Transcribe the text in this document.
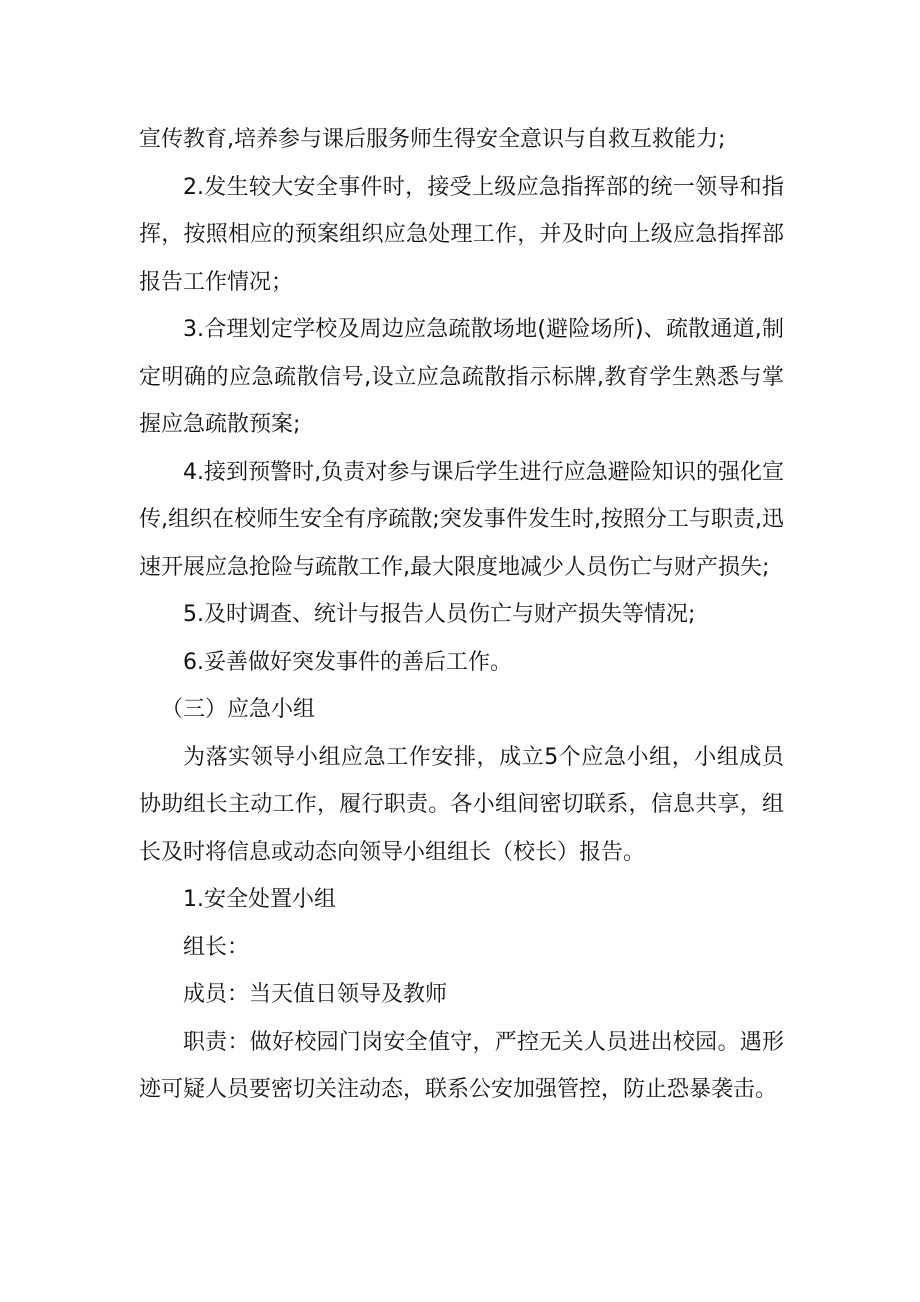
宣传教育,培养参与课后服务师生得安全意识与自救互救能力;

2.发生较大安全事件时，接受上级应急指挥部的统一领导和指挥，按照相应的预案组织应急处理工作，并及时向上级应急指挥部报告工作情况；

3.合理划定学校及周边应急疏散场地(避险场所)、疏散通道,制定明确的应急疏散信号,设立应急疏散指示标牌,教育学生熟悉与掌握应急疏散预案;

4.接到预警时,负责对参与课后学生进行应急避险知识的强化宣传,组织在校师生安全有序疏散;突发事件发生时,按照分工与职责,迅速开展应急抢险与疏散工作,最大限度地减少人员伤亡与财产损失;

5.及时调查、统计与报告人员伤亡与财产损失等情况;

6.妥善做好突发事件的善后工作。

（三）应急小组

为落实领导小组应急工作安排，成立5个应急小组，小组成员协助组长主动工作，履行职责。各小组间密切联系，信息共享，组长及时将信息或动态向领导小组组长（校长）报告。

1.安全处置小组

组长：

成员：当天值日领导及教师

职责：做好校园门岗安全值守，严控无关人员进出校园。遇形迹可疑人员要密切关注动态，联系公安加强管控，防止恐暴袭击。
